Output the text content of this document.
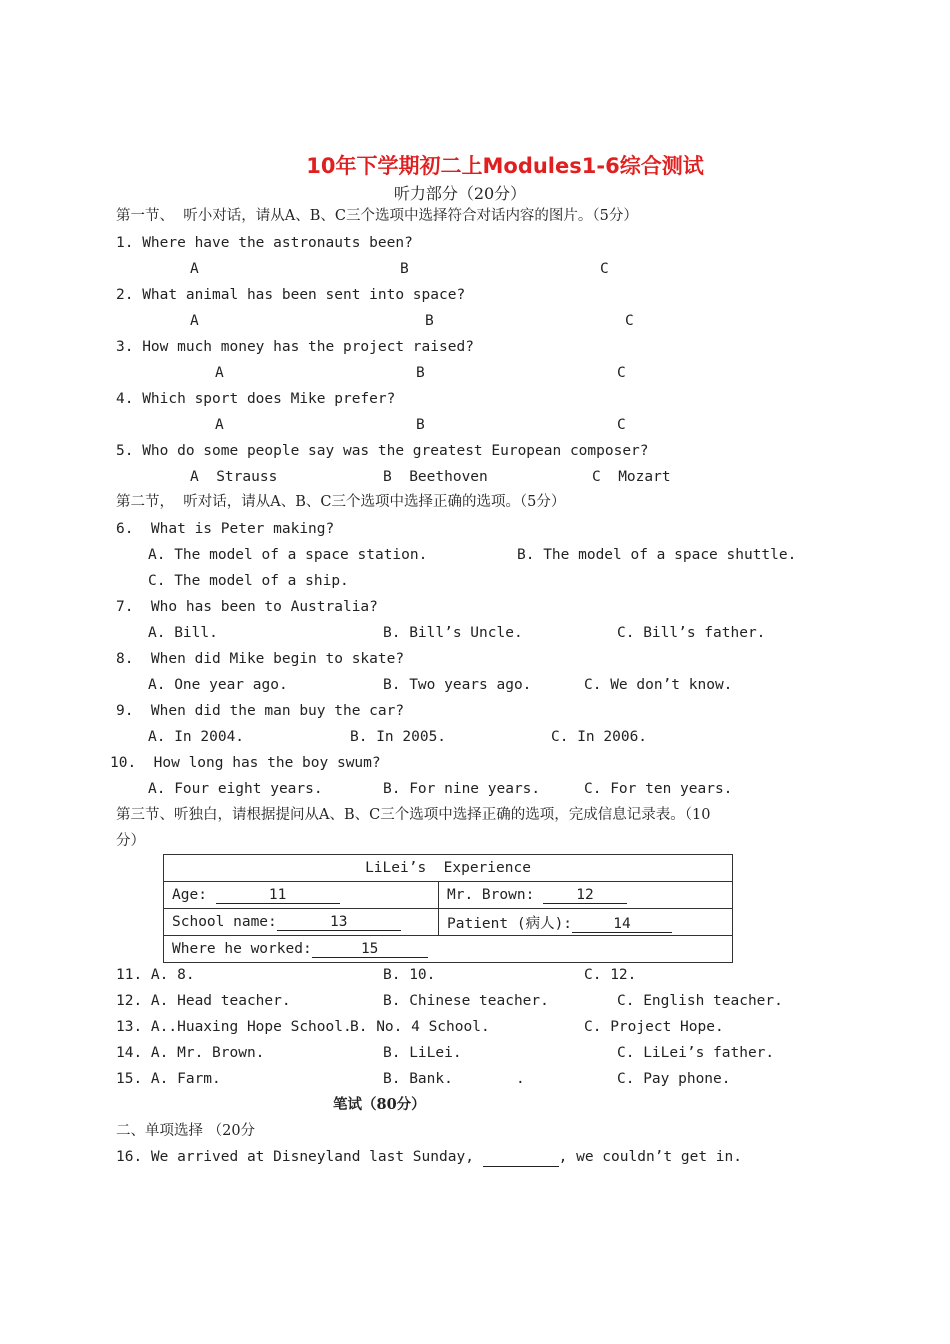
10年下学期初二上Modules1-6综合测试
听力部分（20分）
第一节、  听小对话，请从A、B、C三个选项中选择符合对话内容的图片。（5分）
1. Where have the astronauts been?
A	B	C
2. What animal has been sent into space?
A	B	C
3. How much money has the project raised?
A	B	C
4. Which sport does Mike prefer?
A	B	C
5. Who do some people say was the greatest European composer?
A  Strauss	B  Beethoven	C  Mozart
第二节，  听对话，请从A、B、C三个选项中选择正确的选项。（5分）
6.  What is Peter making?
A. The model of a space station.	B. The model of a space shuttle.
C. The model of a ship.
7.  Who has been to Australia?
A. Bill.	B. Bill’s Uncle.	C. Bill’s father.
8.  When did Mike begin to skate?
A. One year ago.	B. Two years ago.	C. We don’t know.
9.  When did the man buy the car?
A. In 2004.	B. In 2005.	C. In 2006.
10.  How long has the boy swum?
A. Four eight years.	B. For nine years.	C. For ten years.
第三节、听独白，请根据提问从A、B、C三个选项中选择正确的选项，完成信息记录表。（10
分）
LiLei’s  Experience	
Age: 11	Mr. Brown: 12
School name: 13	Patient (病人): 14
Where he worked: 15	
11. A. 8.	B. 10.	C. 12.
12. A. Head teacher.	B. Chinese teacher.	C. English teacher.
13. A..Huaxing Hope School.
B. No. 4 School.	C. Project Hope.
14. A. Mr. Brown.	B. LiLei.	C. LiLei’s father.
15. A. Farm.	B. Bank.	.	C. Pay phone.
笔试（80分）
二、单项选择 （20分
16. We arrived at Disneyland last Sunday,	, we couldn’t get in.
